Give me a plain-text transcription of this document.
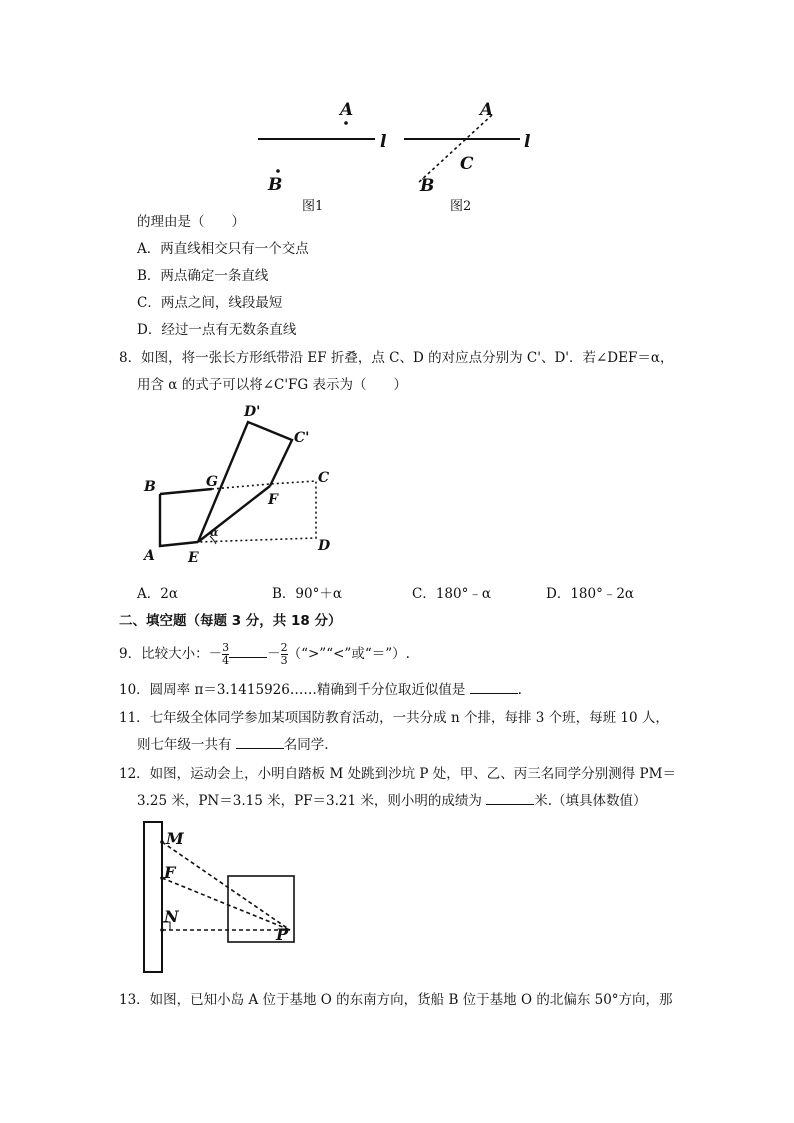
l
A
B
图1
l
A
C
B
图2
的理由是（　　）
A．两直线相交只有一个交点
B．两点确定一条直线
C．两点之间，线段最短
D．经过一点有无数条直线
8．如图，将一张长方形纸带沿 EF 折叠，点 C、D 的对应点分别为 C'、D'．若∠DEF＝α，
用含 α 的式子可以将∠C'FG 表示为（　　）
D'
C'
B	G
F
C
A E
D
α
A．2α	B．90°＋α	C．180°﹣α	D．180°﹣2α
二、填空题（每题 3 分，共 18 分）
9．比较大小：－ $\frac{3}{4}$	－ $\frac{2}{3}$ （“>”“<”或“＝”）.
10．圆周率 π＝3.1415926……精确到千分位取近似值是	.
11．七年级全体同学参加某项国防教育活动，一共分成 n 个排，每排 3 个班，每班 10 人，
则七年级一共有	名同学.
12．如图，运动会上，小明自踏板 M 处跳到沙坑 P 处，甲、乙、丙三名同学分别测得 PM＝
3.25 米，PN＝3.15 米，PF＝3.21 米，则小明的成绩为	米.（填具体数值）
M
F
N
P
13．如图，已知小岛 A 位于基地 O 的东南方向，货船 B 位于基地 O 的北偏东 50°方向，那
